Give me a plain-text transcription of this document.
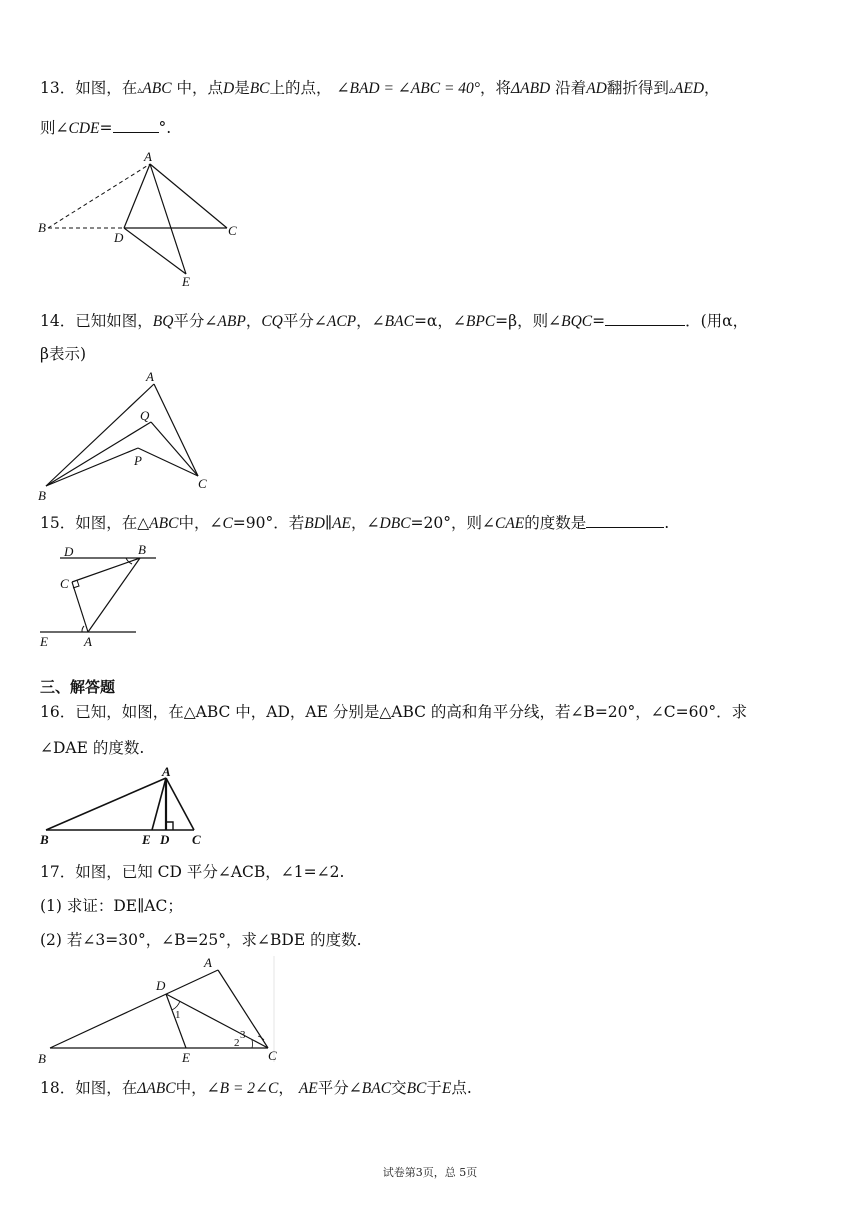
13．如图，在▵ABC 中，点D是BC上的点， ∠BAD = ∠ABC = 40°，将ΔABD 沿着AD翻折得到▵AED，
则∠CDE=	°.
A
B	C
D
E
14．已知如图，BQ平分∠ABP，CQ平分∠ACP，∠BAC=α，∠BPC=β，则∠BQC=	．(用α，
β表示)
A
Q
P
B
C
15．如图，在△ABC中，∠C=90°．若BD∥AE，∠DBC=20°，则∠CAE的度数是	.
D	B
C
E	A
三、解答题
16．已知，如图，在△ABC 中，AD，AE 分别是△ABC 的高和角平分线，若∠B=20°，∠C=60°．求
∠DAE 的度数.
A
B	E D C
17．如图，已知 CD 平分∠ACB，∠1=∠2.
(1) 求证：DE∥AC；
(2) 若∠3=30°，∠B=25°，求∠BDE 的度数.
A
D
B	E	C
1
2
3
18．如图，在ΔABC中，∠B = 2∠C， AE平分∠BAC交BC于E点.
试卷第3页，总 5页
